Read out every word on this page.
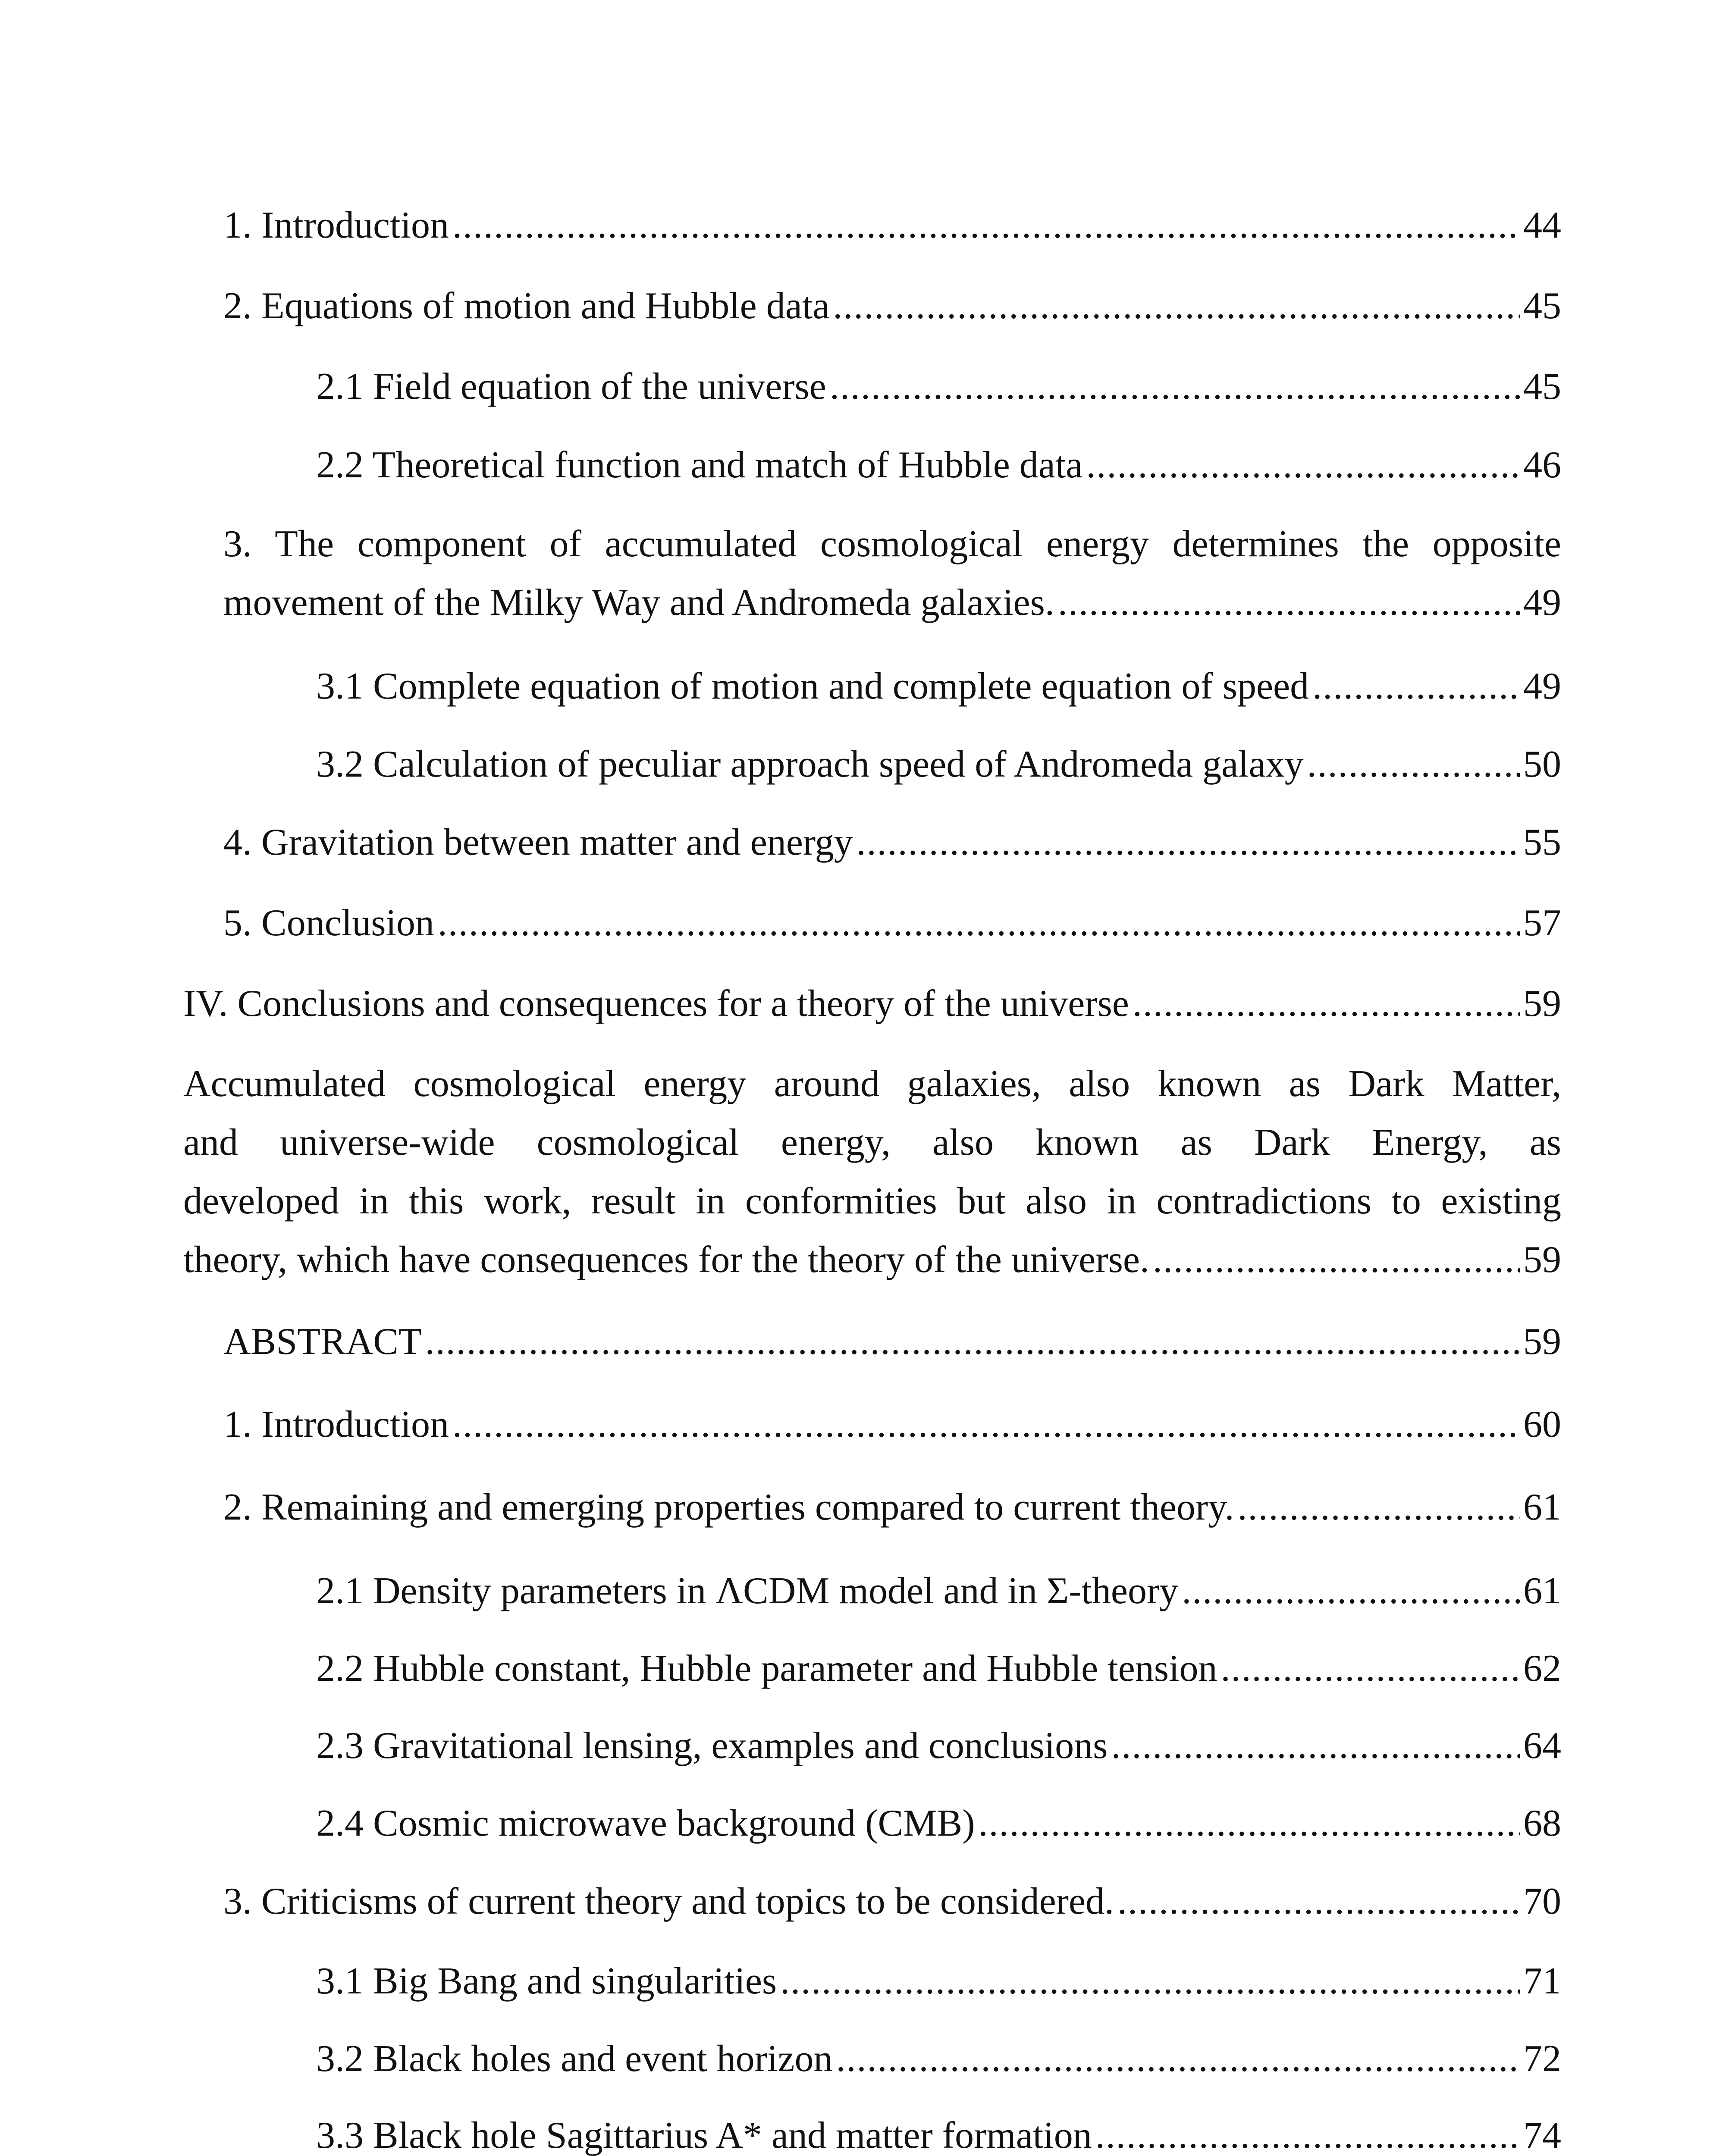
1. Introduction .....	44
2. Equations of motion and Hubble data .....	45
2.1 Field equation of the universe .....	45
2.2 Theoretical function and match of Hubble data .....	46
3. The component of accumulated cosmological energy determines the opposite
movement of the Milky Way and Andromeda galaxies. .....	49
3.1 Complete equation of motion and complete equation of speed .....	49
3.2 Calculation of peculiar approach speed of Andromeda galaxy .....	50
4. Gravitation between matter and energy .....	55
5. Conclusion .....	57
IV. Conclusions and consequences for a theory of the universe .....	59
Accumulated cosmological energy around galaxies, also known as Dark Matter,
and universe-wide cosmological energy, also known as Dark Energy, as
developed in this work, result in conformities but also in contradictions to existing
theory, which have consequences for the theory of the universe. .....	59
ABSTRACT .....	59
1. Introduction .....	60
2. Remaining and emerging properties compared to current theory. .....	61
2.1 Density parameters in ΛCDM model and in Σ-theory .....	61
2.2 Hubble constant, Hubble parameter and Hubble tension .....	62
2.3 Gravitational lensing, examples and conclusions .....	64
2.4 Cosmic microwave background (CMB) .....	68
3. Criticisms of current theory and topics to be considered. .....	70
3.1 Big Bang and singularities .....	71
3.2 Black holes and event horizon .....	72
3.3 Black hole Sagittarius A* and matter formation .....	74
